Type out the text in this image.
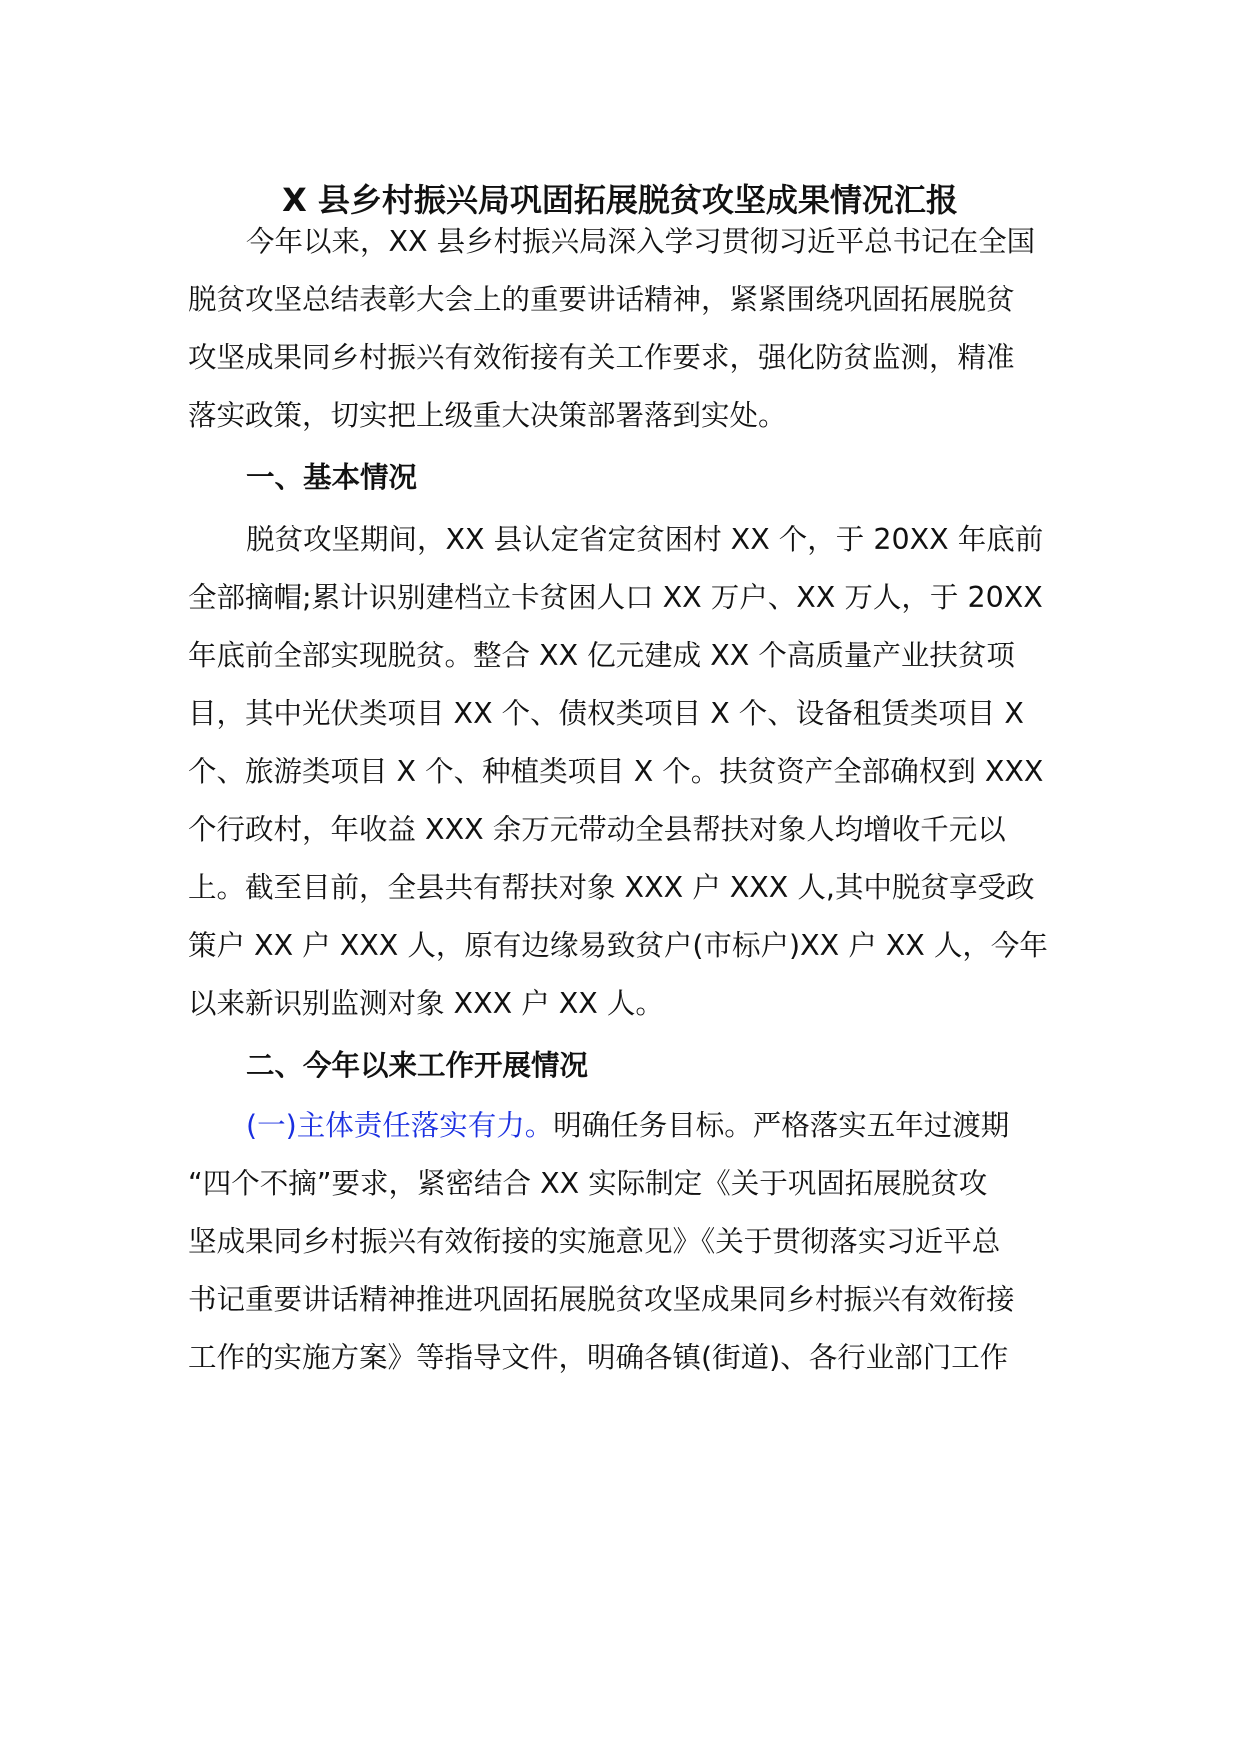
X 县乡村振兴局巩固拓展脱贫攻坚成果情况汇报
今年以来，XX 县乡村振兴局深入学习贯彻习近平总书记在全国
脱贫攻坚总结表彰大会上的重要讲话精神，紧紧围绕巩固拓展脱贫
攻坚成果同乡村振兴有效衔接有关工作要求，强化防贫监测，精准
落实政策，切实把上级重大决策部署落到实处。
一、基本情况
脱贫攻坚期间，XX 县认定省定贫困村 XX 个，于 20XX 年底前
全部摘帽;累计识别建档立卡贫困人口 XX 万户、XX 万人，于 20XX
年底前全部实现脱贫。整合 XX 亿元建成 XX 个高质量产业扶贫项
目，其中光伏类项目 XX 个、债权类项目 X 个、设备租赁类项目 X
个、旅游类项目 X 个、种植类项目 X 个。扶贫资产全部确权到 XXX
个行政村，年收益 XXX 余万元带动全县帮扶对象人均增收千元以
上。截至目前，全县共有帮扶对象 XXX 户 XXX 人,其中脱贫享受政
策户 XX 户 XXX 人，原有边缘易致贫户(市标户)XX 户 XX 人，今年
以来新识别监测对象 XXX 户 XX 人。
二、今年以来工作开展情况
(一)主体责任落实有力。明确任务目标。严格落实五年过渡期
“四个不摘”要求，紧密结合 XX 实际制定《关于巩固拓展脱贫攻
坚成果同乡村振兴有效衔接的实施意见》《关于贯彻落实习近平总
书记重要讲话精神推进巩固拓展脱贫攻坚成果同乡村振兴有效衔接
工作的实施方案》等指导文件，明确各镇(街道)、各行业部门工作
